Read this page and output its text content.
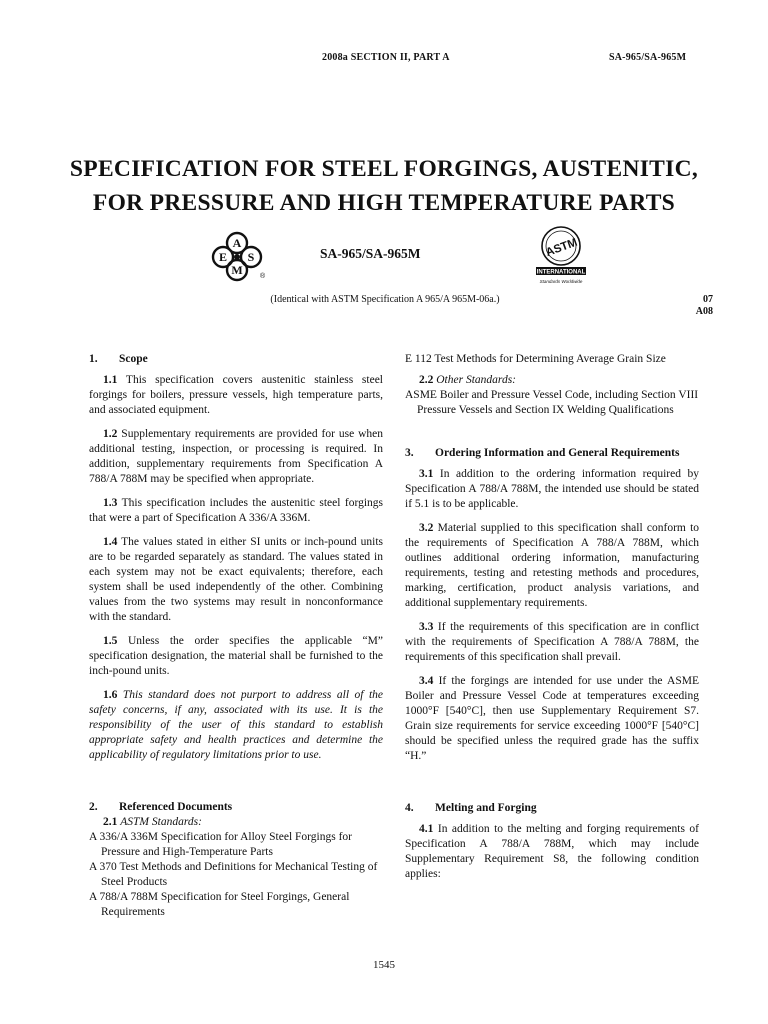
2008a SECTION II, PART A	SA-965/SA-965M
SPECIFICATION FOR STEEL FORGINGS, AUSTENITIC,
FOR PRESSURE AND HIGH TEMPERATURE PARTS
A
S
M
E
®
SA-965/SA-965M	ASTM
INTERNATIONAL
Standards Worldwide
(Identical with ASTM Specification A 965/A 965M-06a.)	07
A08
1.	Scope

1.1 This specification covers austenitic stainless steel forgings for boilers, pressure vessels, high temperature parts, and associated equipment.

1.2 Supplementary requirements are provided for use when additional testing, inspection, or processing is required. In addition, supplementary requirements from Specification A 788/A 788M may be specified when appropriate.

1.3 This specification includes the austenitic steel forgings that were a part of Specification A 336/A 336M.

1.4 The values stated in either SI units or inch-pound units are to be regarded separately as standard. The values stated in each system may not be exact equivalents; therefore, each system shall be used independently of the other. Combining values from the two systems may result in nonconformance with the standard.

1.5 Unless the order specifies the applicable “M” specification designation, the material shall be furnished to the inch-pound units.

1.6 This standard does not purport to address all of the safety concerns, if any, associated with its use. It is the responsibility of the user of this standard to establish appropriate safety and health practices and determine the applicability of regulatory limitations prior to use.

2.	Referenced Documents

2.1 ASTM Standards:

A 336/A 336M Specification for Alloy Steel Forgings for Pressure and High-Temperature Parts

A 370 Test Methods and Definitions for Mechanical Testing of Steel Products

A 788/A 788M Specification for Steel Forgings, General Requirements

E 112 Test Methods for Determining Average Grain Size

2.2 Other Standards:

ASME Boiler and Pressure Vessel Code, including Section VIII Pressure Vessels and Section IX Welding Qualifications

3.	Ordering Information and General Requirements

3.1 In addition to the ordering information required by Specification A 788/A 788M, the intended use should be stated if 5.1 is to be applicable.

3.2 Material supplied to this specification shall conform to the requirements of Specification A 788/A 788M, which outlines additional ordering information, manufacturing requirements, testing and retesting methods and procedures, marking, certification, product analysis variations, and additional supplementary requirements.

3.3 If the requirements of this specification are in conflict with the requirements of Specification A 788/A 788M, the requirements of this specification shall prevail.

3.4 If the forgings are intended for use under the ASME Boiler and Pressure Vessel Code at temperatures exceeding 1000°F [540°C], then use Supplementary Requirement S7. Grain size requirements for service exceeding 1000°F [540°C] should be specified unless the required grade has the suffix “H.”

4.	Melting and Forging

4.1 In addition to the melting and forging requirements of Specification A 788/A 788M, which may include Supplementary Requirement S8, the following condition applies:

1545
